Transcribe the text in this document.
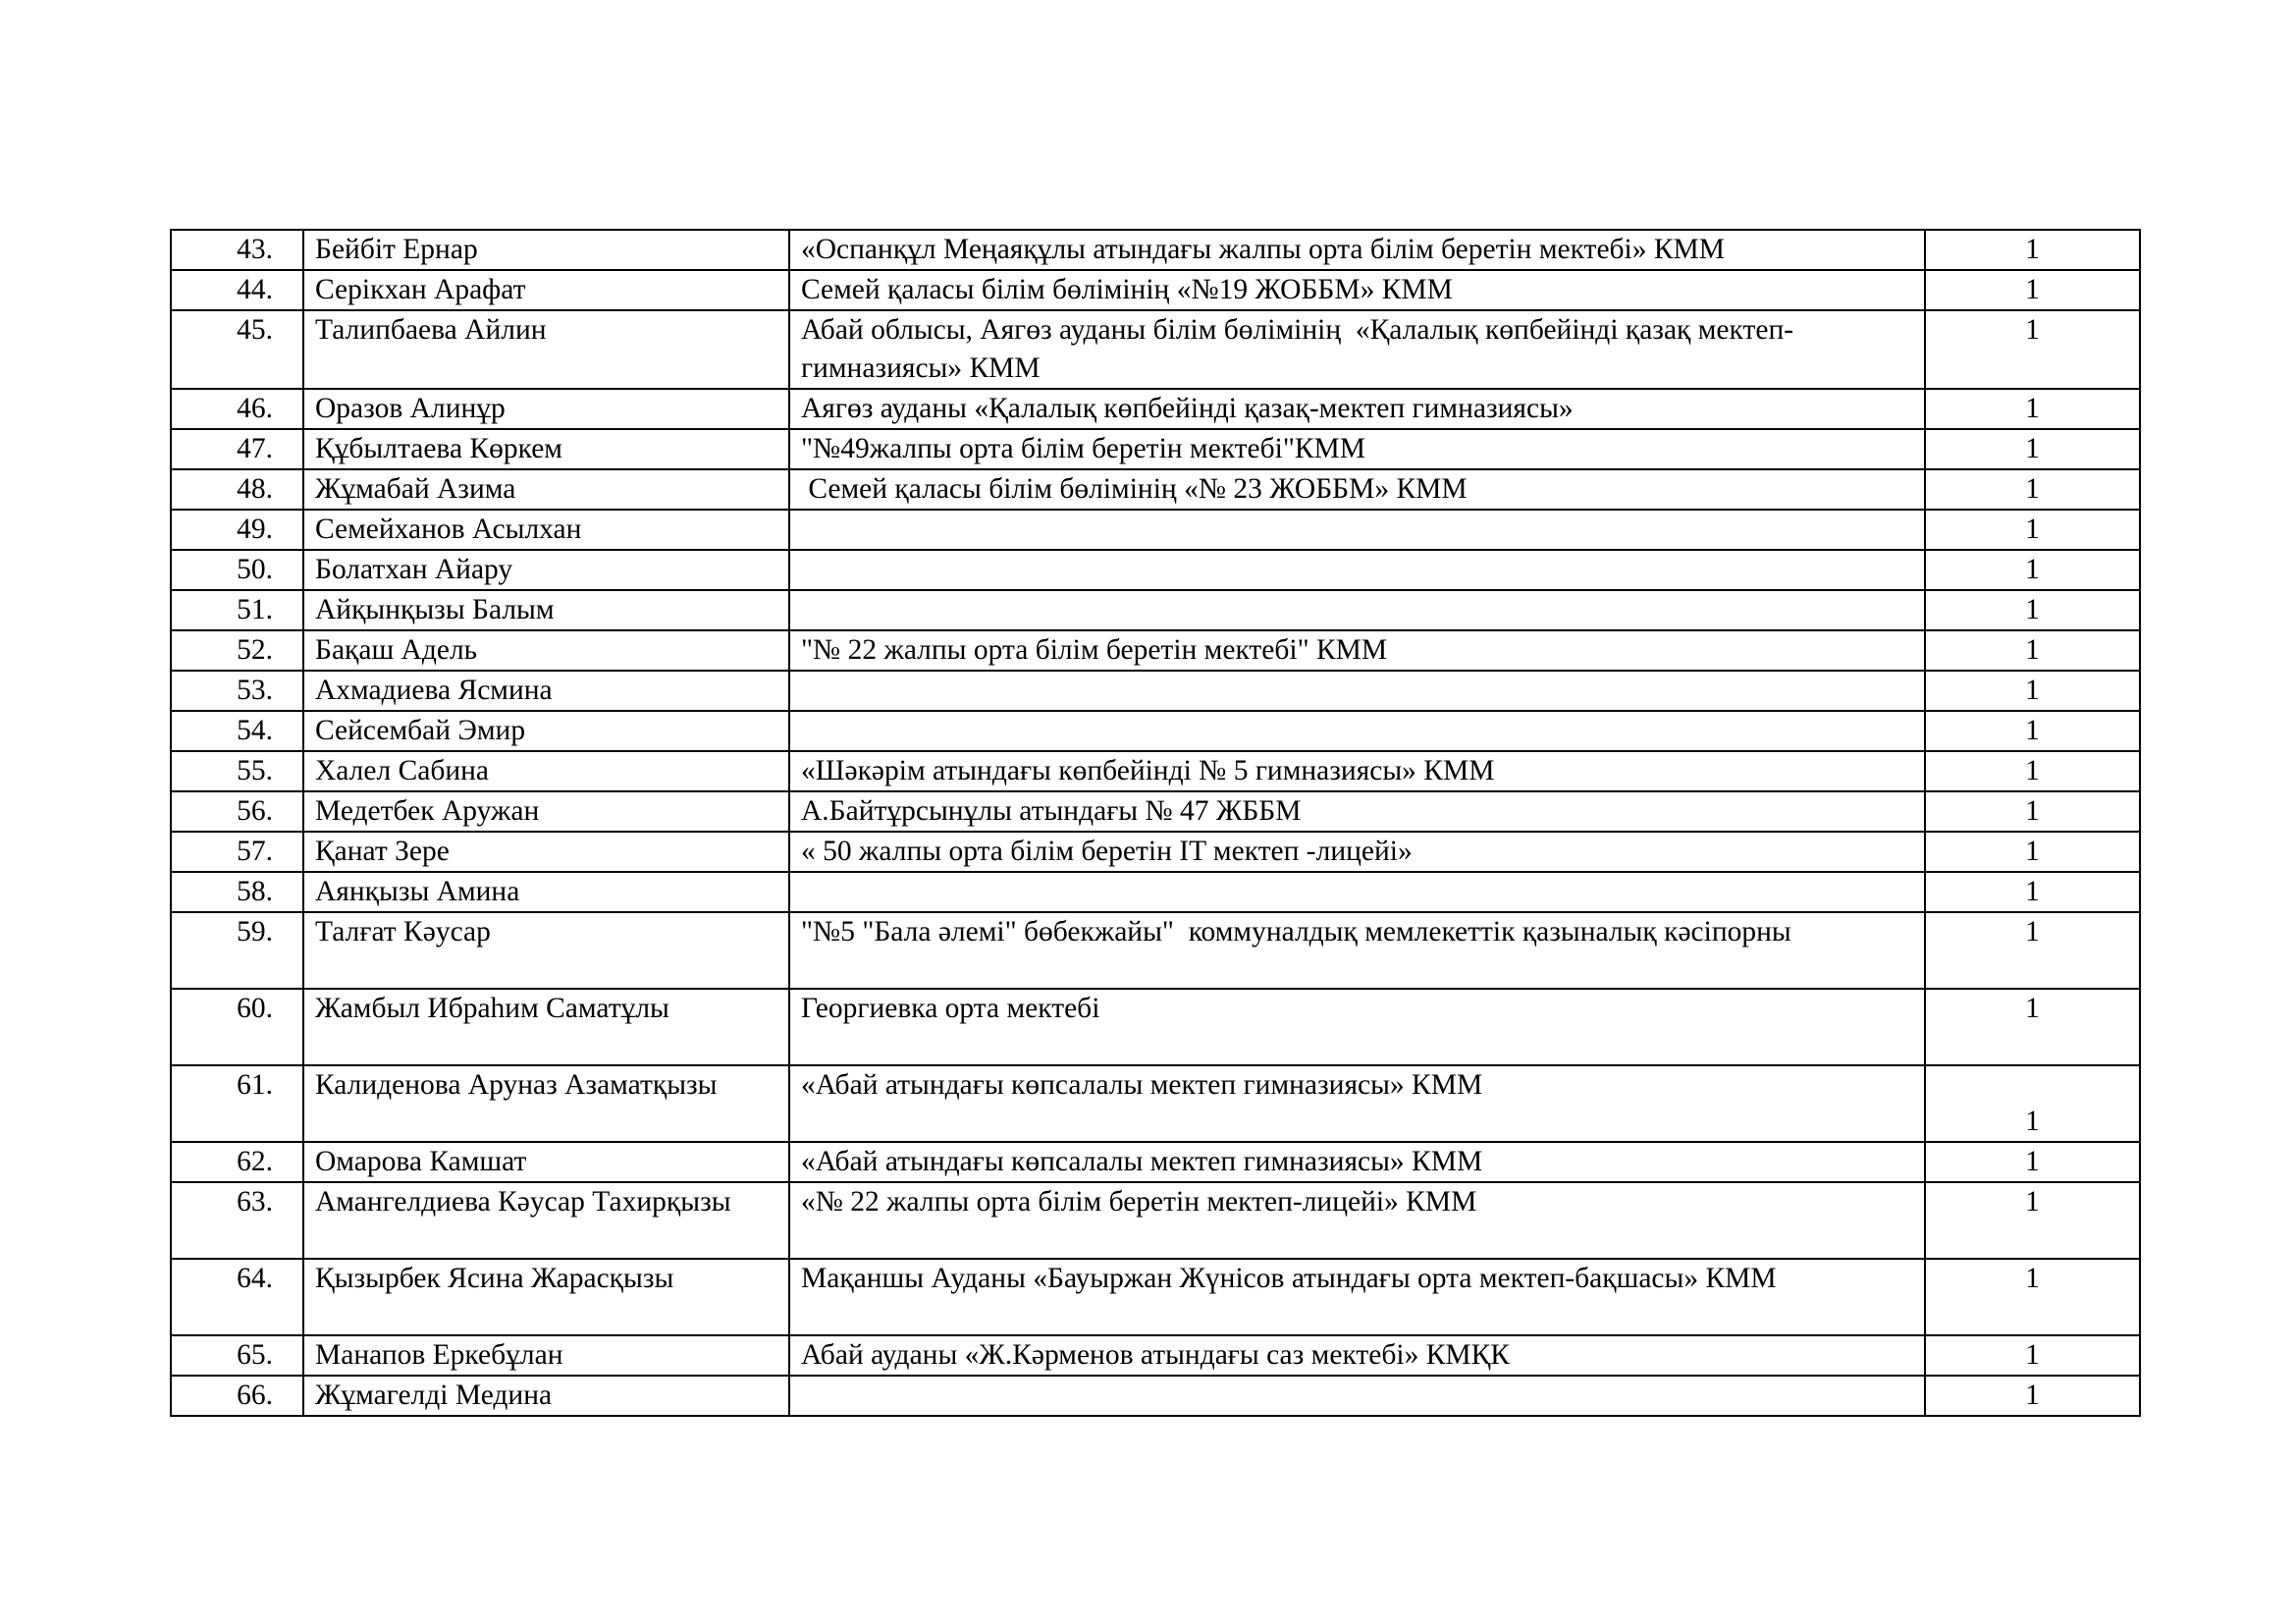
43.	Бейбіт Ернар	«Оспанқұл Меңаяқұлы атындағы жалпы орта білім беретін мектебі» КММ	1
44.	Серікхан Арафат	Семей қаласы білім бөлімінің «№19 ЖОББМ» КММ	1
45.	Талипбаева Айлин	Абай облысы, Аягөз ауданы білім бөлімінің  «Қалалық көпбейінді қазақ мектеп-гимназиясы» КММ	1
46.	Оразов Алинұр	Аягөз ауданы «Қалалық көпбейінді қазақ-мектеп гимназиясы»	1
47.	Құбылтаева Көркем	"№49жалпы орта білім беретін мектебі"КММ	1
48.	Жұмабай Азима	Семей қаласы білім бөлімінің «№ 23 ЖОББМ» КММ	1
49.	Семейханов Асылхан		1
50.	Болатхан Айару		1
51.	Айқынқызы Балым		1
52.	Бақаш Адель	"№ 22 жалпы орта білім беретін мектебі" КММ	1
53.	Ахмадиева Ясмина		1
54.	Сейсембай Эмир		1
55.	Халел Сабина	«Шәкәрім атындағы көпбейінді № 5 гимназиясы» КММ	1
56.	Медетбек Аружан	А.Байтұрсынұлы атындағы № 47 ЖББМ	1
57.	Қанат Зере	« 50 жалпы орта білім беретін IT мектеп -лицейі»	1
58.	Аянқызы Амина		1
59.	Талғат Кәусар	"№5 "Бала әлемі" бөбекжайы"  коммуналдық мемлекеттік қазыналық кәсіпорны	1
60.	Жамбыл Ибраһим Саматұлы	Георгиевка орта мектебі	1
61.	Калиденова Аруназ Азаматқызы	«Абай атындағы көпсалалы мектеп гимназиясы» КММ	1
62.	Омарова Камшат	«Абай атындағы көпсалалы мектеп гимназиясы» КММ	1
63.	Амангелдиева Кәусар Тахирқызы	«№ 22 жалпы орта білім беретін мектеп-лицейі» КММ	1
64.	Қызырбек Ясина Жарасқызы	Мақаншы Ауданы «Бауыржан Жүнісов атындағы орта мектеп-бақшасы» КММ	1
65.	Манапов Еркебұлан	Абай ауданы «Ж.Кәрменов атындағы саз мектебі» КМҚК	1
66.	Жұмагелді Медина		1
